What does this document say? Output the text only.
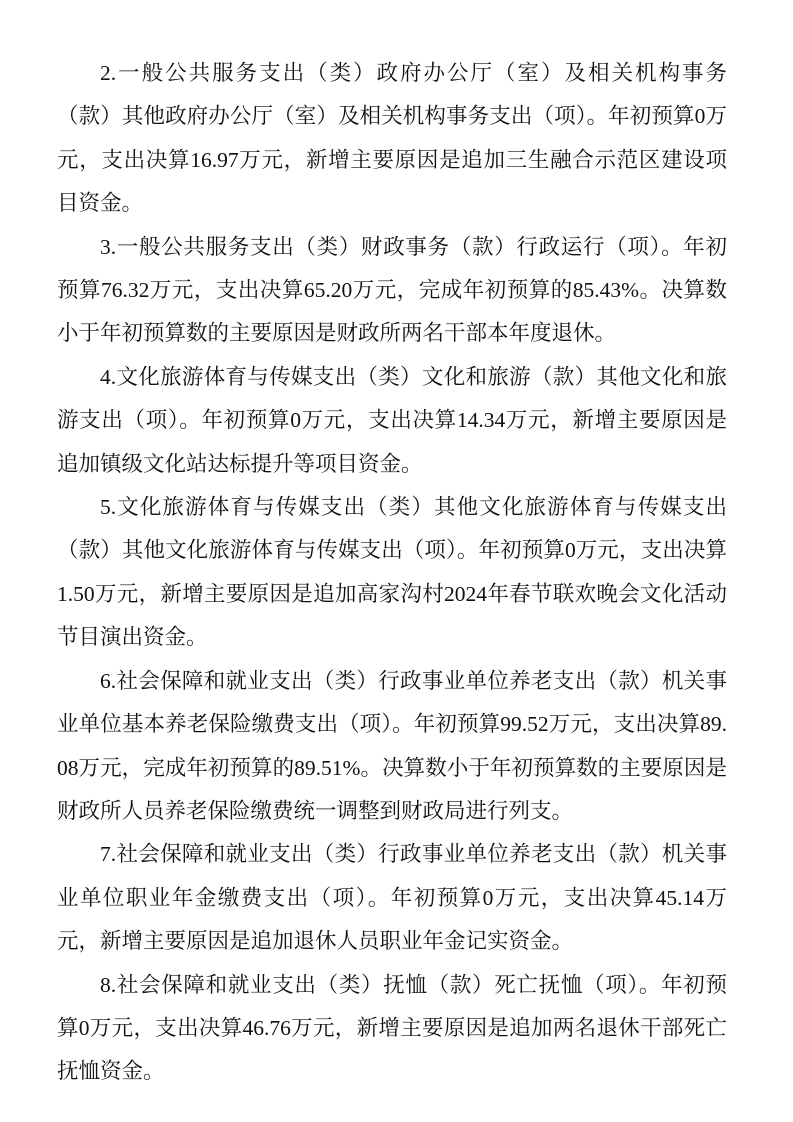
2.一般公共服务支出（类）政府办公厅（室）及相关机构事务（款）其他政府办公厅（室）及相关机构事务支出（项）。年初预算0万元，支出决算16.97万元，新增主要原因是追加三生融合示范区建设项目资金。

3.一般公共服务支出（类）财政事务（款）行政运行（项）。年初预算76.32万元，支出决算65.20万元，完成年初预算的85.43%。决算数小于年初预算数的主要原因是财政所两名干部本年度退休。

4.文化旅游体育与传媒支出（类）文化和旅游（款）其他文化和旅游支出（项）。年初预算0万元，支出决算14.34万元，新增主要原因是追加镇级文化站达标提升等项目资金。

5.文化旅游体育与传媒支出（类）其他文化旅游体育与传媒支出（款）其他文化旅游体育与传媒支出（项）。年初预算0万元，支出决算1.50万元，新增主要原因是追加高家沟村2024年春节联欢晚会文化活动节目演出资金。

6.社会保障和就业支出（类）行政事业单位养老支出（款）机关事业单位基本养老保险缴费支出（项）。年初预算99.52万元，支出决算89.08万元，完成年初预算的89.51%。决算数小于年初预算数的主要原因是财政所人员养老保险缴费统一调整到财政局进行列支。

7.社会保障和就业支出（类）行政事业单位养老支出（款）机关事业单位职业年金缴费支出（项）。年初预算0万元，支出决算45.14万元，新增主要原因是追加退休人员职业年金记实资金。

8.社会保障和就业支出（类）抚恤（款）死亡抚恤（项）。年初预算0万元，支出决算46.76万元，新增主要原因是追加两名退休干部死亡抚恤资金。
